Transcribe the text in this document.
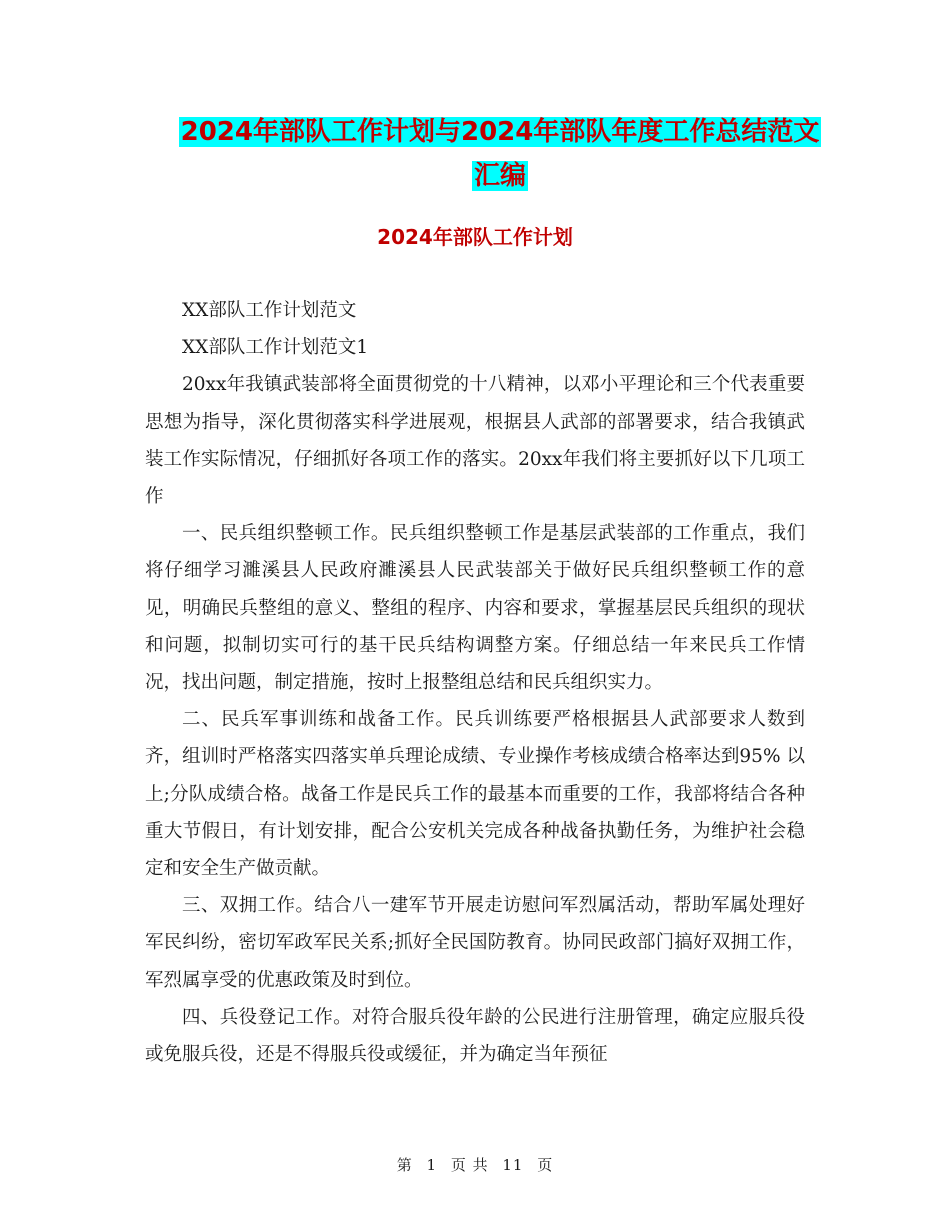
2024年部队工作计划与2024年部队年度工作总结范文
汇编
2024年部队工作计划

XX部队工作计划范文

XX部队工作计划范文1

20xx年我镇武装部将全面贯彻党的十八精神，以邓小平理论和三个代表重要思想为指导，深化贯彻落实科学进展观，根据县人武部的部署要求，结合我镇武装工作实际情况，仔细抓好各项工作的落实。20xx年我们将主要抓好以下几项工作

一、民兵组织整顿工作。民兵组织整顿工作是基层武装部的工作重点，我们将仔细学习濉溪县人民政府濉溪县人民武装部关于做好民兵组织整顿工作的意见，明确民兵整组的意义、整组的程序、内容和要求，掌握基层民兵组织的现状和问题，拟制切实可行的基干民兵结构调整方案。仔细总结一年来民兵工作情况，找出问题，制定措施，按时上报整组总结和民兵组织实力。

二、民兵军事训练和战备工作。民兵训练要严格根据县人武部要求人数到齐，组训时严格落实四落实单兵理论成绩、专业操作考核成绩合格率达到95% 以上;分队成绩合格。战备工作是民兵工作的最基本而重要的工作，我部将结合各种重大节假日，有计划安排，配合公安机关完成各种战备执勤任务，为维护社会稳定和安全生产做贡献。

三、双拥工作。结合八一建军节开展走访慰问军烈属活动，帮助军属处理好军民纠纷，密切军政军民关系;抓好全民国防教育。协同民政部门搞好双拥工作，军烈属享受的优惠政策及时到位。

四、兵役登记工作。对符合服兵役年龄的公民进行注册管理，确定应服兵役或免服兵役，还是不得服兵役或缓征，并为确定当年预征

第 1 页 共 11 页
